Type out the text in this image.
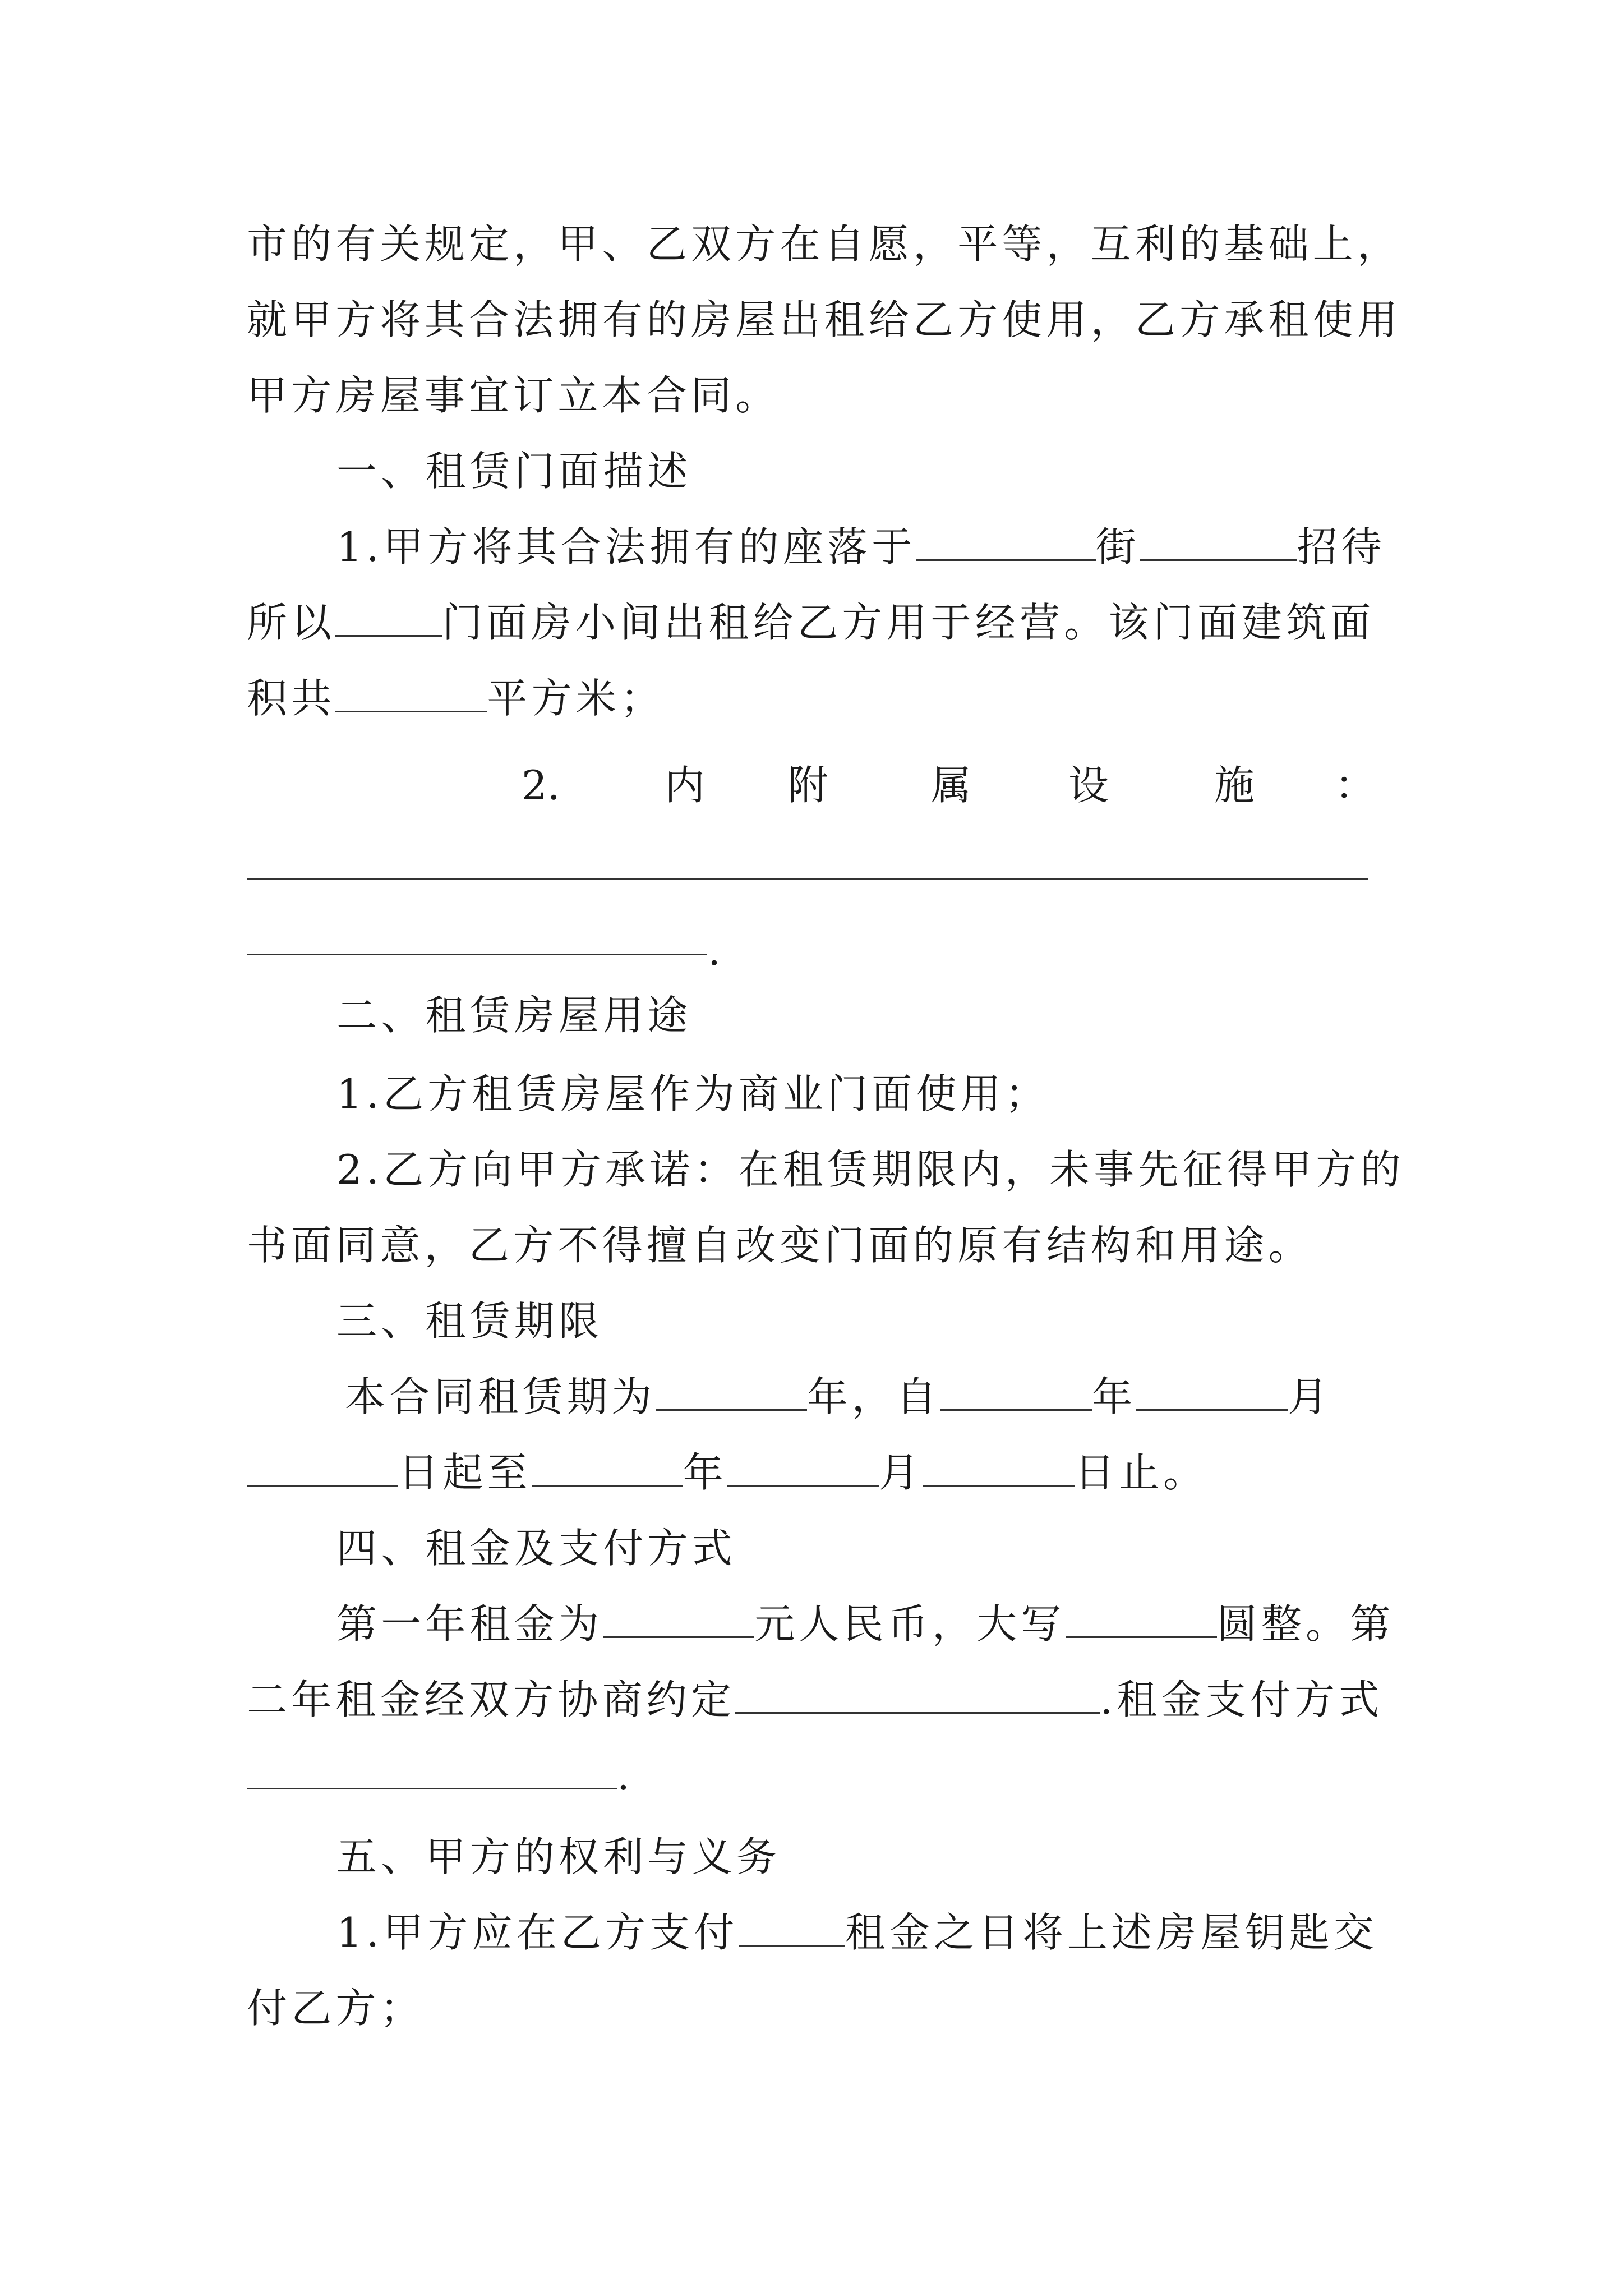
市的有关规定，甲、乙双方在自愿，平等，互利的基础上，
就甲方将其合法拥有的房屋出租给乙方使用，乙方承租使用
甲方房屋事宜订立本合同。
一、租赁门面描述
1.甲方将其合法拥有的座落于	街	招待
所以	门面房小间出租给乙方用于经营。该门面建筑面
积共	平方米；
2.	内 附	属 设	施 ：
.
二、租赁房屋用途
1.乙方租赁房屋作为商业门面使用；
2.乙方向甲方承诺：在租赁期限内，未事先征得甲方的
书面同意，乙方不得擅自改变门面的原有结构和用途。
三、租赁期限
本合同租赁期为	年，自	年	月
日起至	年	月	日止。
四、租金及支付方式
第一年租金为	元人民币，大写	圆整。第
二年租金经双方协商约定	.租金支付方式
.
五、甲方的权利与义务
1.甲方应在乙方支付	租金之日将上述房屋钥匙交
付乙方；
